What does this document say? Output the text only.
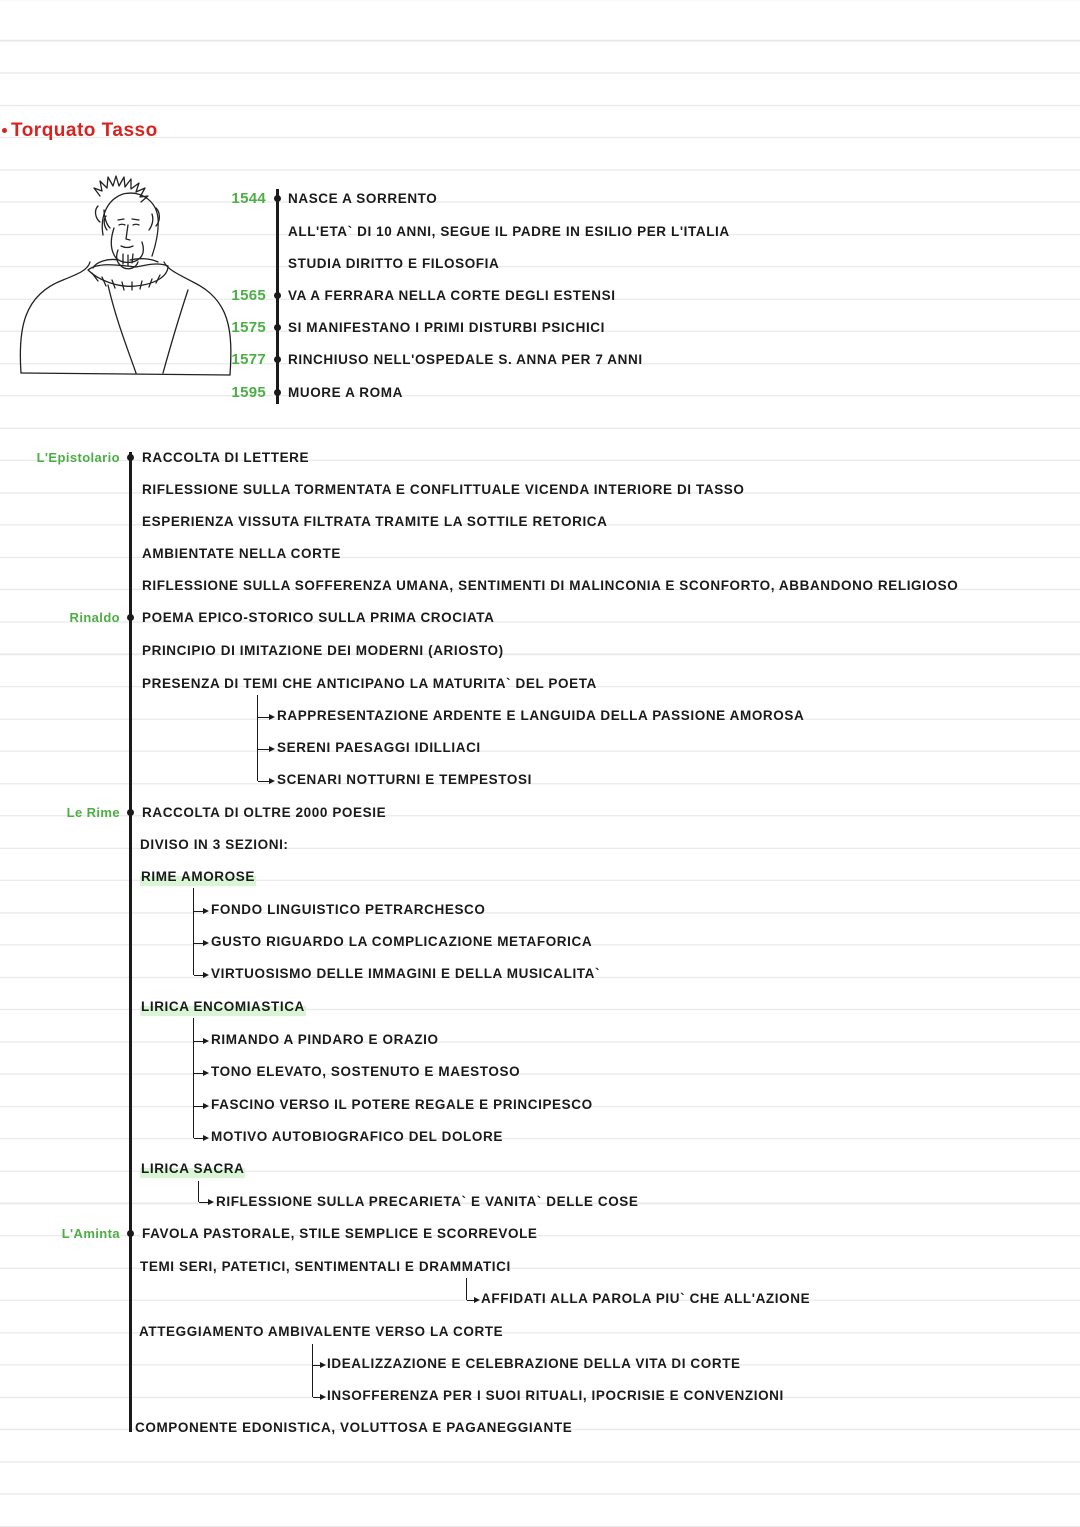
Torquato Tasso
1544
1565
1575
1577
1595
NASCE A SORRENTO
ALL'ETA` DI 10 ANNI, SEGUE IL PADRE IN ESILIO PER L'ITALIA
STUDIA DIRITTO E FILOSOFIA
VA A FERRARA NELLA CORTE DEGLI ESTENSI
SI MANIFESTANO I PRIMI DISTURBI PSICHICI
RINCHIUSO NELL'OSPEDALE S. ANNA PER 7 ANNI
MUORE A ROMA
L'Epistolario
Rinaldo
Le Rime
L'Aminta
RACCOLTA DI LETTERE
RIFLESSIONE SULLA TORMENTATA E CONFLITTUALE VICENDA INTERIORE DI TASSO
ESPERIENZA VISSUTA FILTRATA TRAMITE LA SOTTILE RETORICA
AMBIENTATE NELLA CORTE
RIFLESSIONE SULLA SOFFERENZA UMANA, SENTIMENTI DI MALINCONIA E SCONFORTO, ABBANDONO RELIGIOSO
POEMA EPICO-STORICO SULLA PRIMA CROCIATA
PRINCIPIO DI IMITAZIONE DEI MODERNI (ARIOSTO)
PRESENZA DI TEMI CHE ANTICIPANO LA MATURITA` DEL POETA
RAPPRESENTAZIONE ARDENTE E LANGUIDA DELLA PASSIONE AMOROSA
SERENI PAESAGGI IDILLIACI
SCENARI NOTTURNI E TEMPESTOSI
RACCOLTA DI OLTRE 2000 POESIE
DIVISO IN 3 SEZIONI:
RIME AMOROSE
FONDO LINGUISTICO PETRARCHESCO
GUSTO RIGUARDO LA COMPLICAZIONE METAFORICA
VIRTUOSISMO DELLE IMMAGINI E DELLA MUSICALITA`
LIRICA ENCOMIASTICA
RIMANDO A PINDARO E ORAZIO
TONO ELEVATO, SOSTENUTO E MAESTOSO
FASCINO VERSO IL POTERE REGALE E PRINCIPESCO
MOTIVO AUTOBIOGRAFICO DEL DOLORE
LIRICA SACRA
RIFLESSIONE SULLA PRECARIETA` E VANITA` DELLE COSE
FAVOLA PASTORALE, STILE SEMPLICE E SCORREVOLE
TEMI SERI, PATETICI, SENTIMENTALI E DRAMMATICI
AFFIDATI ALLA PAROLA PIU` CHE ALL'AZIONE
ATTEGGIAMENTO AMBIVALENTE VERSO LA CORTE
IDEALIZZAZIONE E CELEBRAZIONE DELLA VITA DI CORTE
INSOFFERENZA PER I SUOI RITUALI, IPOCRISIE E CONVENZIONI
COMPONENTE EDONISTICA, VOLUTTOSA E PAGANEGGIANTE
